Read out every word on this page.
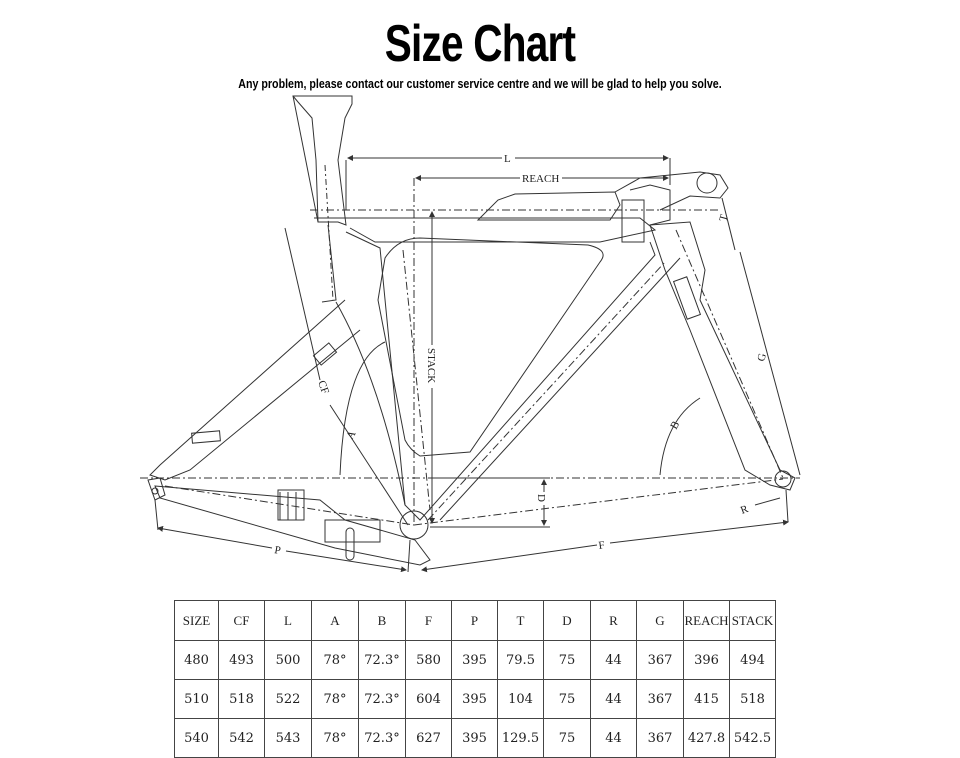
Size Chart
Any problem, please contact our customer service centre and we will be glad to help you solve.
L
REACH
STACK
CF
A
B
T
G
D
R
P	F
SIZE	CF	L	A	B	F	P	T	D	R	G	REACH	STACK
480	493	500	78°	72.3°	580	395	79.5	75	44	367	396	494
510	518	522	78°	72.3°	604	395	104	75	44	367	415	518
540	542	543	78°	72.3°	627	395	129.5	75	44	367	427.8	542.5
